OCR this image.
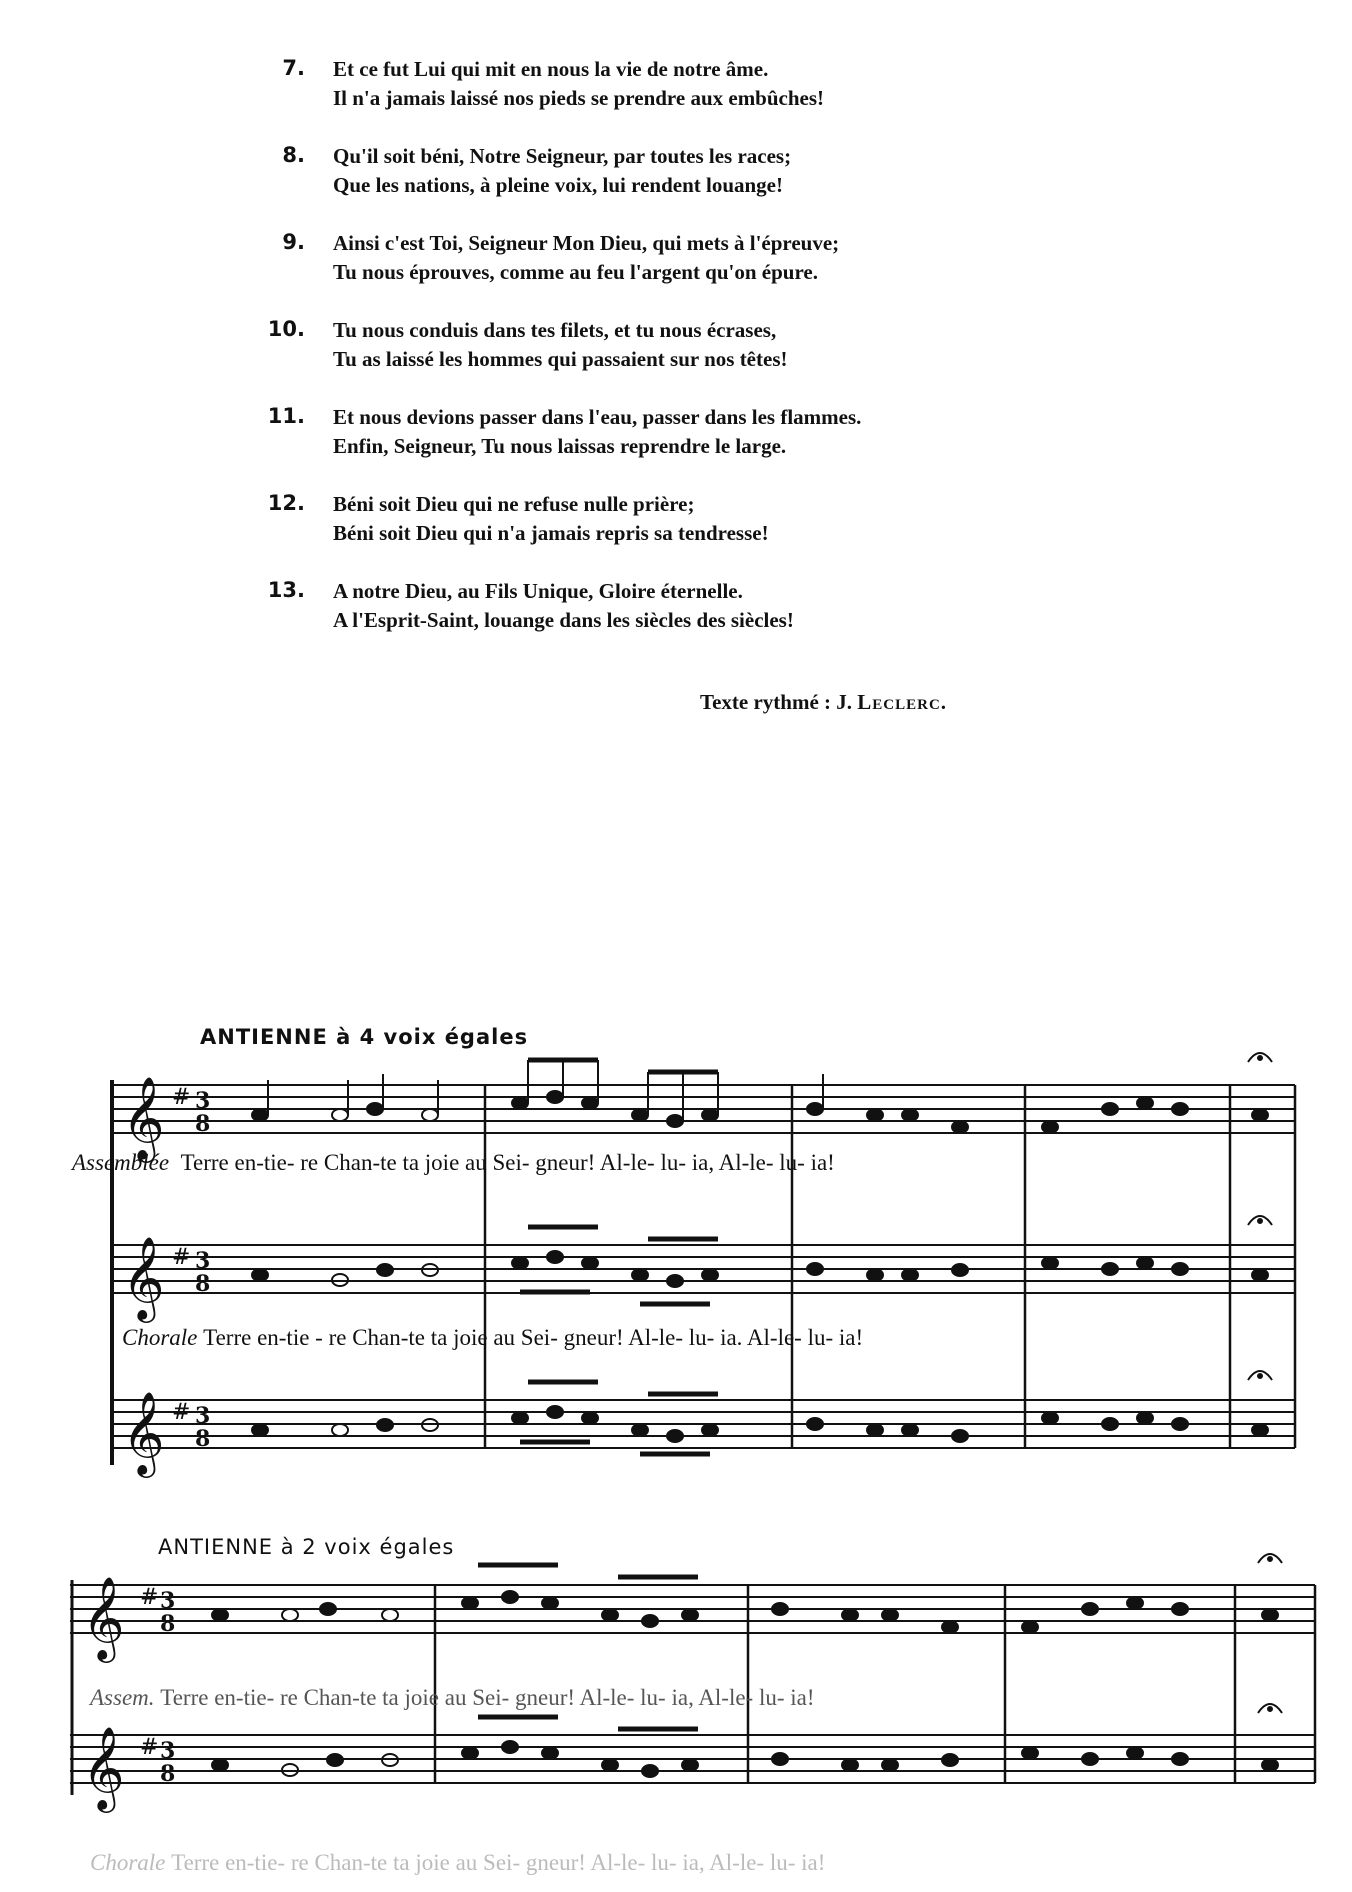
7.	Et ce fut Lui qui mit en nous la vie de notre âme.
Il n'a jamais laissé nos pieds se prendre aux embûches!
8.	Qu'il soit béni, Notre Seigneur, par toutes les races;
Que les nations, à pleine voix, lui rendent louange!
9.	Ainsi c'est Toi, Seigneur Mon Dieu, qui mets à l'épreuve;
Tu nous éprouves, comme au feu l'argent qu'on épure.
10.	Tu nous conduis dans tes filets, et tu nous écrases,
Tu as laissé les hommes qui passaient sur nos têtes!
11.	Et nous devions passer dans l'eau, passer dans les flammes.
Enfin, Seigneur, Tu nous laissas reprendre le large.
12.	Béni soit Dieu qui ne refuse nulle prière;
Béni soit Dieu qui n'a jamais repris sa tendresse!
13.	A notre Dieu, au Fils Unique, Gloire éternelle.
A l'Esprit-Saint, louange dans les siècles des siècles!
Texte rythmé : J. Leclerc.
ANTIENNE à 4 voix égales
𝄞
𝄞
𝄞
#
#
#
3
8
3
8
3
8
Assemblée Terre en-tie- re Chan-te ta joie au Sei- gneur! Al-le- lu- ia, Al-le- lu- ia!
Chorale Terre en-tie - re Chan-te ta joie au Sei- gneur! Al-le- lu- ia. Al-le- lu- ia!
ANTIENNE à 2 voix égales
𝄞
𝄞
#
#
3
8
3
8
Assem. Terre en-tie- re Chan-te ta joie au Sei- gneur! Al-le- lu- ia, Al-le- lu- ia!
Chorale Terre en-tie- re Chan-te ta joie au Sei- gneur! Al-le- lu- ia, Al-le- lu- ia!
